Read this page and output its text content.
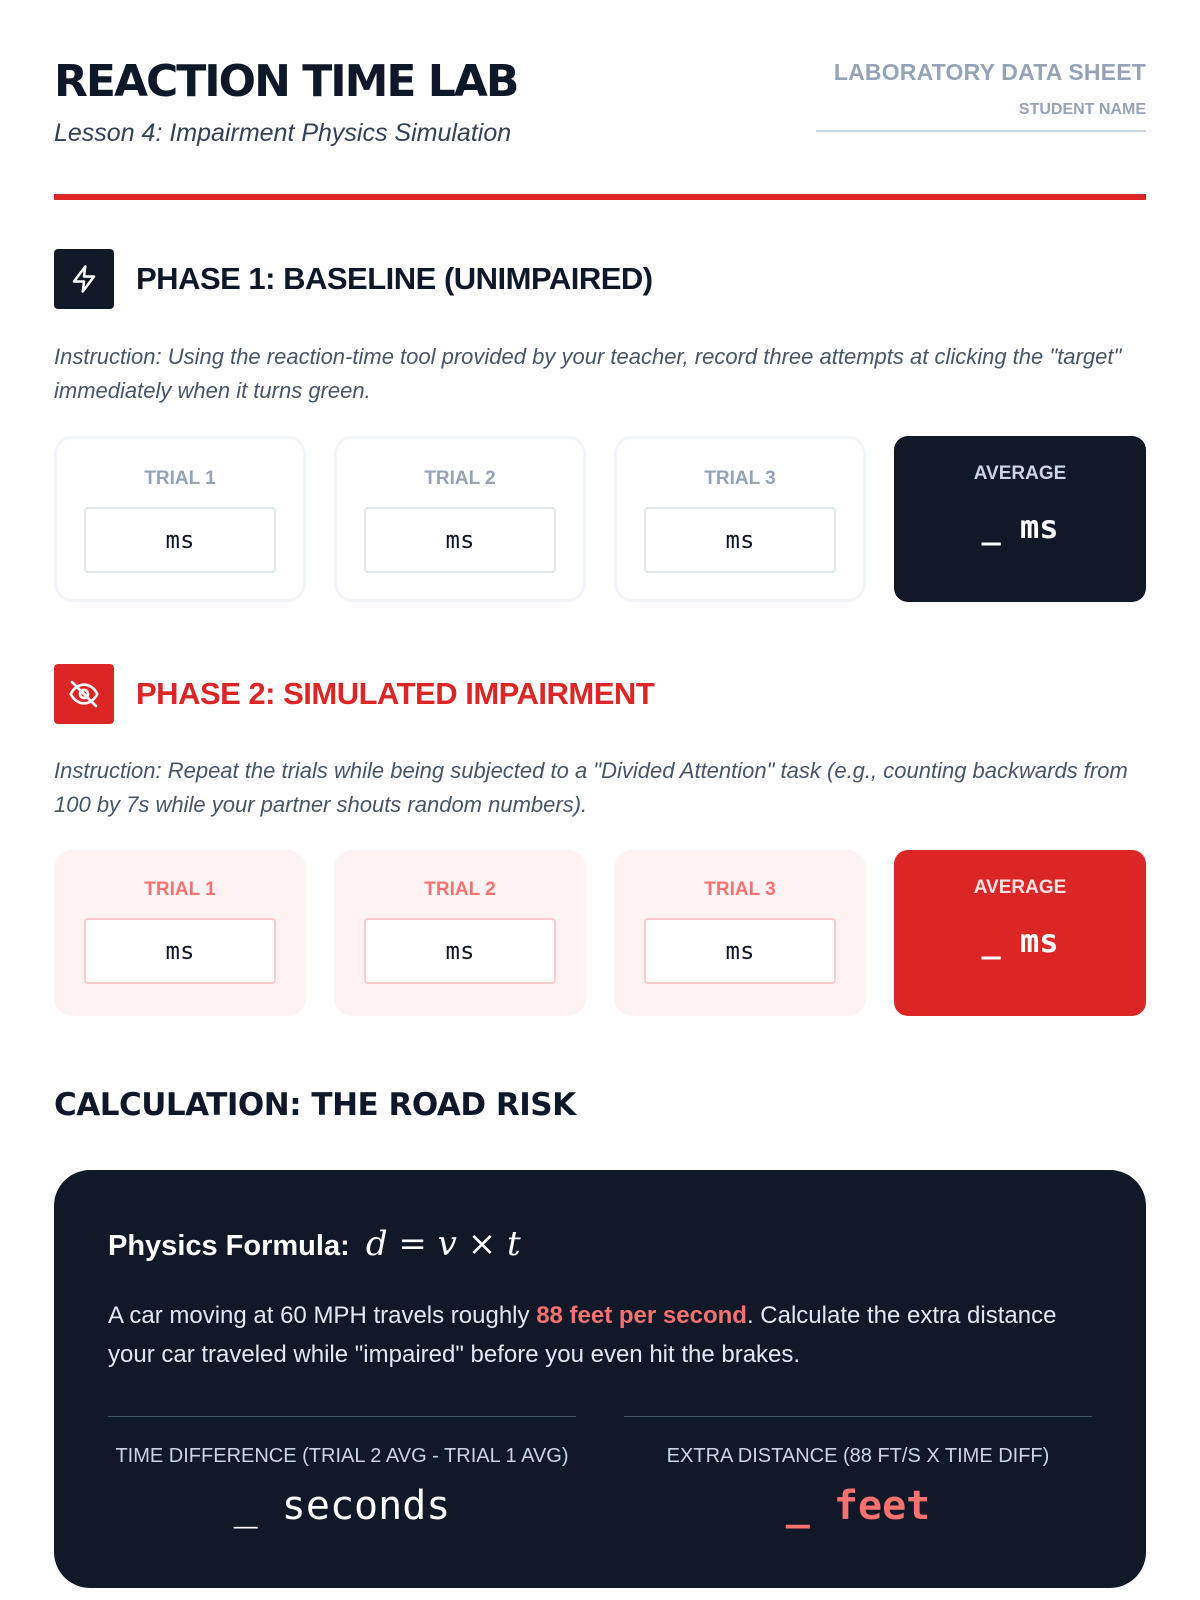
REACTION TIME LAB
Lesson 4: Impairment Physics Simulation
LABORATORY DATA SHEET
STUDENT NAME
PHASE 1: BASELINE (UNIMPAIRED)
Instruction: Using the reaction-time tool provided by your teacher, record three attempts at clicking the "target" immediately when it turns green.
TRIAL 1
ms
TRIAL 2
ms
TRIAL 3
ms
AVERAGE
_ ms
PHASE 2: SIMULATED IMPAIRMENT
Instruction: Repeat the trials while being subjected to a "Divided Attention" task (e.g., counting backwards from 100 by 7s while your partner shouts random numbers).
TRIAL 1
ms
TRIAL 2
ms
TRIAL 3
ms
AVERAGE
_ ms
CALCULATION: THE ROAD RISK
Physics Formula: d = v × t
A car moving at 60 MPH travels roughly 88 feet per second. Calculate the extra distance your car traveled while "impaired" before you even hit the brakes.
TIME DIFFERENCE (TRIAL 2 AVG - TRIAL 1 AVG)
_ seconds
EXTRA DISTANCE (88 FT/S X TIME DIFF)
_ feet
